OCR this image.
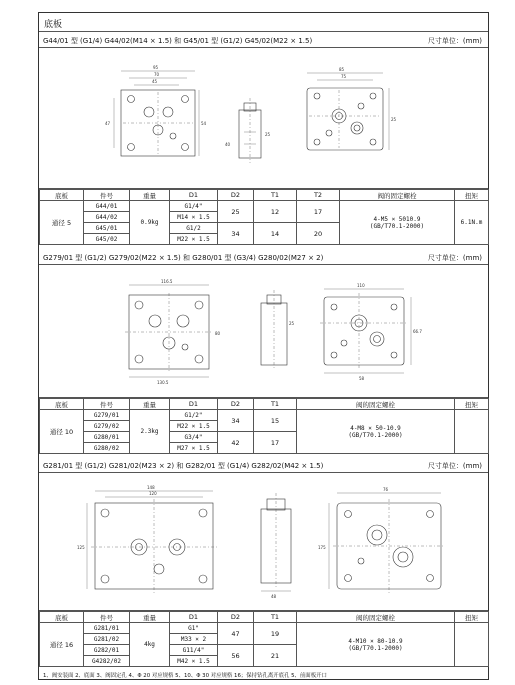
底板
G44/01 型 (G1/4) G44/02(M14 × 1.5) 和 G45/01 型 (G1/2) G45/02(M22 × 1.5)	尺寸单位：(mm)
95
70
45
54
47
25
40
85
75
25
底板	件号	重量	D1	D2	T1	T2	阀的固定螺栓	扭矩
通径 5	G44/01	0.9kg	G1/4"	25	12	17	4-M5 × 5010.9
(GB/T70.1-2000)	6.1N.m
	G44/02		M14 × 1.5					
	G45/01		G1/2	34	14	20		
	G45/02		M22 × 1.5					
G279/01 型 (G1/2) G279/02(M22 × 1.5) 和 G280/01 型 (G3/4) G280/02(M27 × 2)	尺寸单位：(mm)
116.5
130.5
80
25
110
66.7
58
底板	件号	重量	D1	D2	T1	阀的固定螺栓	扭矩
通径 10	G279/01	2.3kg	G1/2"	34	15	4-M8 × 50-10.9
(GB/T70.1-2000)	
	G279/02		M22 × 1.5				
	G280/01		G3/4"	42	17		
	G280/02		M27 × 1.5				
G281/01 型 (G1/2) G281/02(M23 × 2) 和 G282/01 型 (G1/4) G282/02(M42 × 1.5)	尺寸单位：(mm)
148
120
125
48
76
175
底板	件号	重量	D1	D2	T1	阀的固定螺栓	扭矩
通径 16	G281/01	4kg	G1"	47	19	4-M10 × 80-10.9
(GB/T70.1-2000)	
	G281/02		M33 × 2				
	G282/01		G11/4"	56	21		
	G4282/02		M42 × 1.5				
1、阀安装面 2、底面 3、阀固定孔 4、Φ 20 对应规格 5、10、Φ 30 对应规格 16；保持钻孔离开底孔 5、前面板开口
